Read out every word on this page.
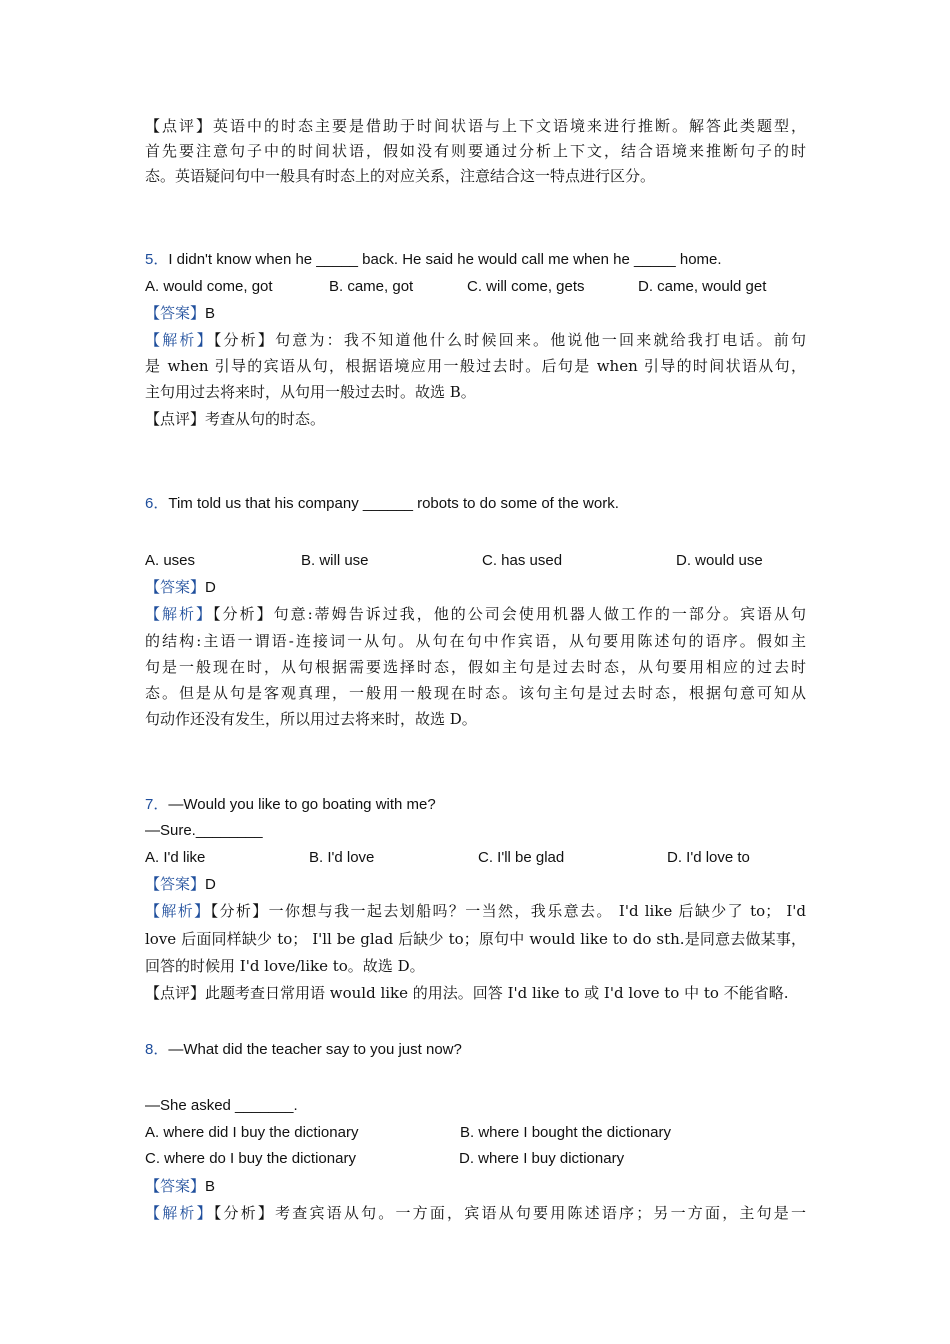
【点评】英语中的时态主要是借助于时间状语与上下文语境来进行推断。解答此类题型，
首先要注意句子中的时间状语，假如没有则要通过分析上下文，结合语境来推断句子的时
态。英语疑问句中一般具有时态上的对应关系，注意结合这一特点进行区分。
5．I didn't know when he _____ back. He said he would call me when he _____ home.
A. would come, got	B. came, got	C. will come, gets	D. came, would get
【答案】B
【解析】【分析】句意为：我不知道他什么时候回来。他说他一回来就给我打电话。前句
是 when 引导的宾语从句，根据语境应用一般过去时。后句是 when 引导的时间状语从句，
主句用过去将来时，从句用一般过去时。故选 B。
【点评】考查从句的时态。
6．Tim told us that his company ______ robots to do some of the work.
A. uses	B. will use	C. has used	D. would use
【答案】D
【解析】【分析】句意:蒂姆告诉过我，他的公司会使用机器人做工作的一部分。宾语从句
的结构:主语一谓语-连接词一从句。从句在句中作宾语，从句要用陈述句的语序。假如主
句是一般现在时，从句根据需要选择时态，假如主句是过去时态，从句要用相应的过去时
态。但是从句是客观真理，一般用一般现在时态。该句主句是过去时态，根据句意可知从
句动作还没有发生，所以用过去将来时，故选 D。
7．—Would you like to go boating with me?
—Sure.________
A. I'd like	B. I'd love	C. I'll be glad	D. I'd love to
【答案】D
【解析】【分析】一你想与我一起去划船吗？一当然，我乐意去。 I'd like 后缺少了 to； I'd
love 后面同样缺少 to； I'll be glad 后缺少 to；原句中 would like to do sth.是同意去做某事，
回答的时候用 I'd love/like to。故选 D。
【点评】此题考查日常用语 would like 的用法。回答 I'd like to 或 I'd love to 中 to 不能省略.
8．—What did the teacher say to you just now?
—She asked _______.
A. where did I buy the dictionary	B. where I bought the dictionary
C. where do I buy the dictionary	D. where I buy dictionary
【答案】B
【解析】【分析】考查宾语从句。一方面，宾语从句要用陈述语序；另一方面，主句是一
